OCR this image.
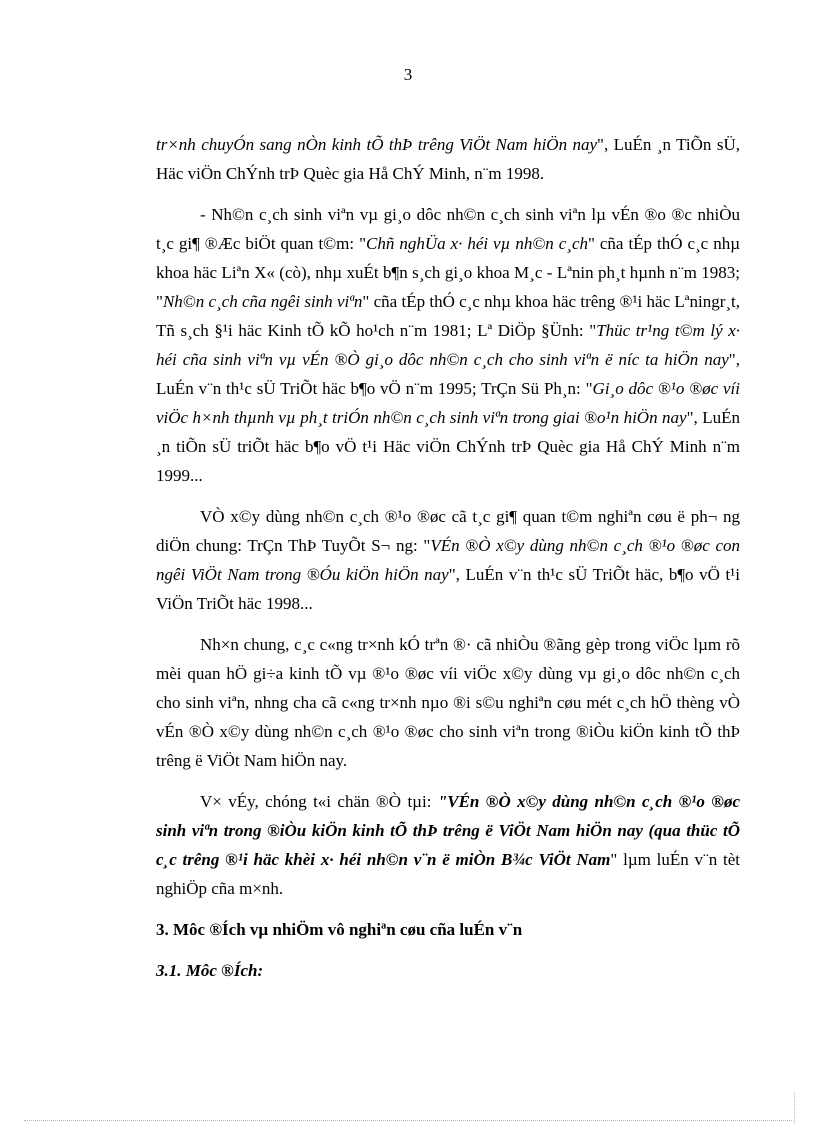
3

tr×nh chuyÓn sang nÒn kinh tÕ thÞ trêng ViÖt Nam hiÖn nay", LuÉn ¸n TiÕn sÜ, Häc viÖn ChÝnh trÞ Quèc gia Hå ChÝ Minh, n¨m 1998.

- Nh©n c¸ch sinh viªn vµ gi¸o dôc nh©n c¸ch sinh viªn lµ vÉn ®o ®c nhiÒu t¸c gi¶ ®Æc biÖt quan t©m: "Chñ nghÜa x· héi vµ nh©n c¸ch" cña tÉp thÓ c¸c nhµ khoa häc Liªn X« (cò), nhµ xuÉt b¶n s¸ch gi¸o khoa M¸c - Lªnin ph¸t hµnh n¨m 1983; "Nh©n c¸ch cña ngêi sinh viªn" cña tÉp thÓ c¸c nhµ khoa häc trêng ®¹i häc Lªningr¸t, Tñ s¸ch §¹i häc Kinh tÕ kÕ ho¹ch n¨m 1981; Lª DiÖp §Ünh: "Thüc tr¹ng t©m lý x· héi cña sinh viªn vµ vÉn ®Ò gi¸o dôc nh©n c¸ch cho sinh viªn ë níc ta hiÖn nay", LuÉn v¨n th¹c sÜ TriÕt häc b¶o vÖ n¨m 1995; TrÇn Sü Ph¸n: "Gi¸o dôc ®¹o ®øc víi viÖc h×nh thµnh vµ ph¸t triÓn nh©n c¸ch sinh viªn trong giai ®o¹n hiÖn nay", LuÉn ¸n tiÕn sÜ triÕt häc b¶o vÖ t¹i Häc viÖn ChÝnh trÞ Quèc gia Hå ChÝ Minh n¨m 1999...

VÒ x©y dùng nh©n c¸ch ®¹o ®øc cã t¸c gi¶ quan t©m nghiªn cøu ë ph¬ ng diÖn chung: TrÇn ThÞ TuyÕt S¬ ng: "VÉn ®Ò x©y dùng nh©n c¸ch ®¹o ®øc con ngêi ViÖt Nam trong ®Óu kiÖn hiÖn nay", LuÉn v¨n th¹c sÜ TriÕt häc, b¶o vÖ t¹i ViÖn TriÕt häc 1998...

Nh×n chung, c¸c c«ng tr×nh kÓ trªn ®· cã nhiÒu ®ãng gèp trong viÖc lµm rõ mèi quan hÖ gi÷a kinh tÕ vµ ®¹o ®øc víi viÖc x©y dùng vµ gi¸o dôc nh©n c¸ch cho sinh viªn, nhng cha cã c«ng tr×nh nµo ®i s©u nghiªn cøu mét c¸ch hÖ thèng vÒ vÉn ®Ò x©y dùng nh©n c¸ch ®¹o ®øc cho sinh viªn trong ®iÒu kiÖn kinh tÕ thÞ trêng ë ViÖt Nam hiÖn nay.

V× vÉy, chóng t«i chän ®Ò tµi: "VÉn ®Ò x©y dùng nh©n c¸ch ®¹o ®øc sinh viªn trong ®iÒu kiÖn kinh tÕ thÞ trêng ë ViÖt Nam hiÖn nay (qua thüc tÕ c¸c trêng ®¹i häc khèi x· héi nh©n v¨n ë miÒn B¾c ViÖt Nam" lµm luÉn v¨n tèt nghiÖp cña m×nh.

3. Môc ®Ích vµ nhiÖm vô nghiªn cøu cña luÉn v¨n

3.1. Môc ®Ích:
